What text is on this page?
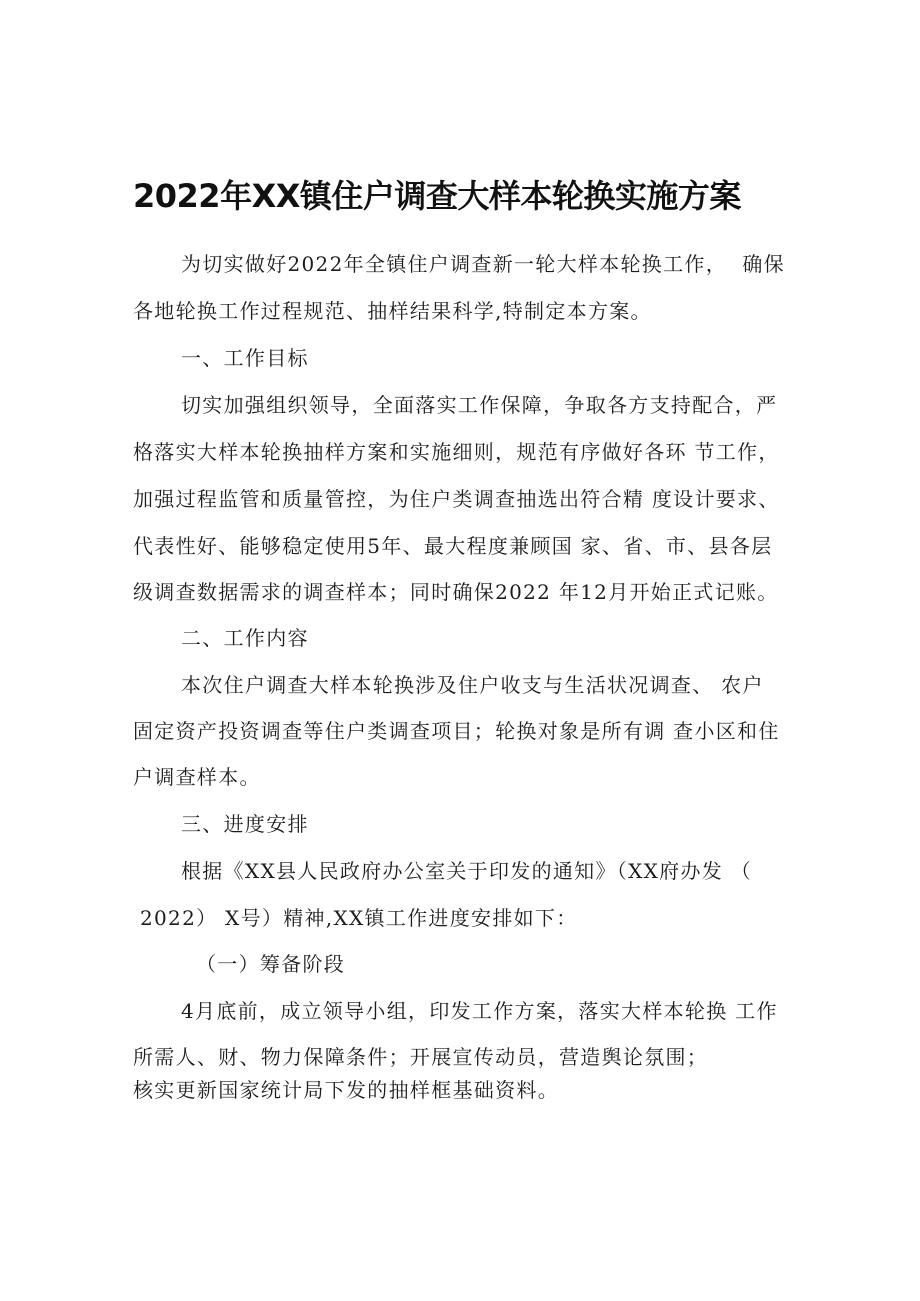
2022年XX镇住户调查大样本轮换实施方案
为切实做好2022年全镇住户调查新一轮大样本轮换工作，  确保
各地轮换工作过程规范、抽样结果科学,特制定本方案。
一、工作目标
切实加强组织领导，全面落实工作保障，争取各方支持配合，严
格落实大样本轮换抽样方案和实施细则，规范有序做好各环 节工作，
加强过程监管和质量管控，为住户类调查抽选出符合精 度设计要求、
代表性好、能够稳定使用5年、最大程度兼顾国 家、省、市、县各层
级调查数据需求的调查样本；同时确保2022 年12月开始正式记账。
二、工作内容
本次住户调查大样本轮换涉及住户收支与生活状况调查、 农户
固定资产投资调查等住户类调查项目；轮换对象是所有调 查小区和住
户调查样本。
三、进度安排
根据《XX县人民政府办公室关于印发的通知》（XX府办发 （
2022） X号）精神,XX镇工作进度安排如下：
（一）筹备阶段
4月底前，成立领导小组，印发工作方案，落实大样本轮换 工作
所需人、财、物力保障条件；开展宣传动员，营造舆论氛围；
核实更新国家统计局下发的抽样框基础资料。
